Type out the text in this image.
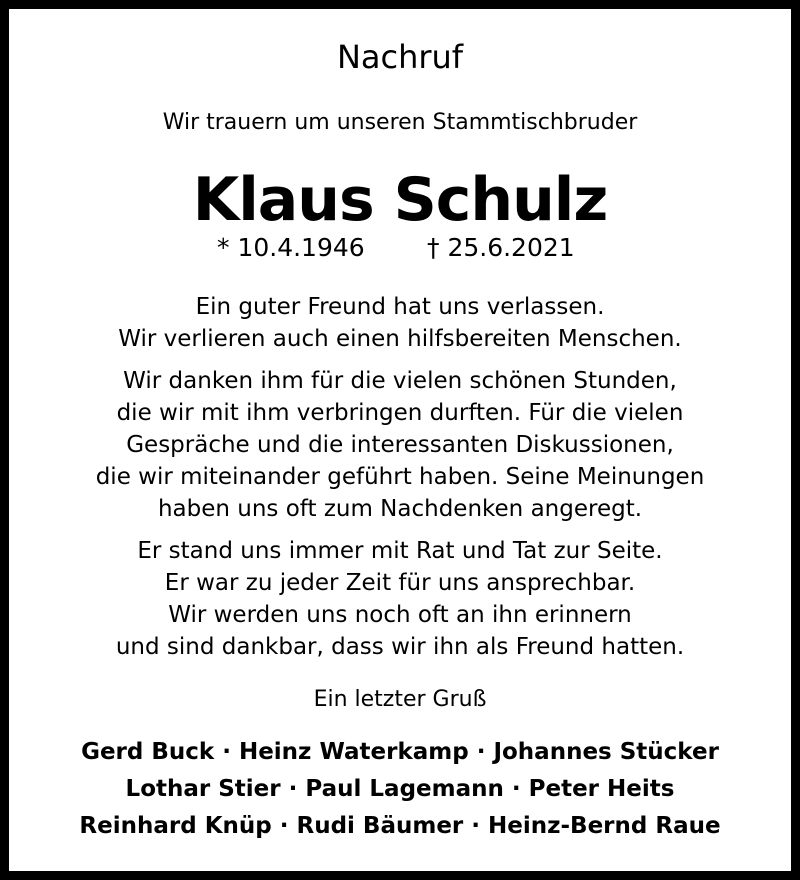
Nachruf
Wir trauern um unseren Stammtischbruder
Klaus Schulz
* 10.4.1946 † 25.6.2021
Ein guter Freund hat uns verlassen.
Wir verlieren auch einen hilfsbereiten Menschen.
Wir danken ihm für die vielen schönen Stunden,
die wir mit ihm verbringen durften. Für die vielen
Gespräche und die interessanten Diskussionen,
die wir miteinander geführt haben. Seine Meinungen
haben uns oft zum Nachdenken angeregt.
Er stand uns immer mit Rat und Tat zur Seite.
Er war zu jeder Zeit für uns ansprechbar.
Wir werden uns noch oft an ihn erinnern
und sind dankbar, dass wir ihn als Freund hatten.
Ein letzter Gruß
Gerd Buck · Heinz Waterkamp · Johannes Stücker
Lothar Stier · Paul Lagemann · Peter Heits
Reinhard Knüp · Rudi Bäumer · Heinz-Bernd Raue
